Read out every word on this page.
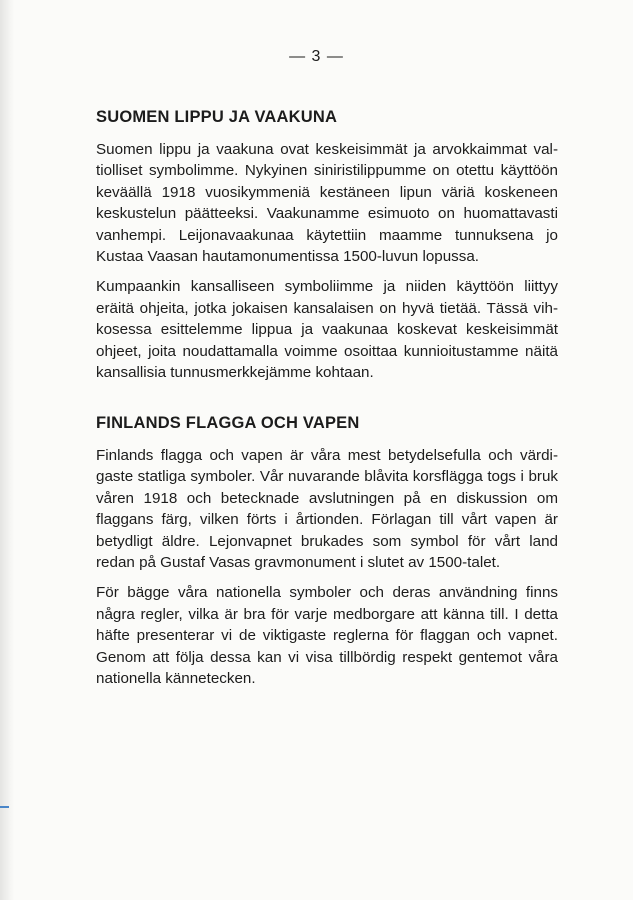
— 3 —
SUOMEN LIPPU JA VAAKUNA

Suomen lippu ja vaakuna ovat keskeisimmät ja arvokkaimmat valtiolliset symbolimme. Nykyinen siniristilippumme on otettu käyttöön keväällä 1918 vuosikymmeniä kestäneen lipun väriä koskeneen keskustelun päätteeksi. Vaakunamme esimuoto on huomattavasti vanhempi. Leijonavaakunaa käytettiin maamme tunnuksena jo Kustaa Vaasan hautamonumentissa 1500-luvun lopussa.

Kumpaankin kansalliseen symboliimme ja niiden käyttöön liittyy eräitä ohjeita, jotka jokaisen kansalaisen on hyvä tietää. Tässä vihkosessa esittelemme lippua ja vaakunaa koskevat keskeisimmät ohjeet, joita noudattamalla voimme osoittaa kunnioitustamme näitä kansallisia tunnusmerkkejämme kohtaan.

FINLANDS FLAGGA OCH VAPEN

Finlands flagga och vapen är våra mest betydelsefulla och värdigaste statliga symboler. Vår nuvarande blåvita korsflägga togs i bruk våren 1918 och betecknade avslutningen på en diskussion om flaggans färg, vilken förts i årtionden. Förlagan till vårt vapen är betydligt äldre. Lejonvapnet brukades som symbol för vårt land redan på Gustaf Vasas gravmonument i slutet av 1500-talet.

För bägge våra nationella symboler och deras användning finns några regler, vilka är bra för varje medborgare att känna till. I detta häfte presenterar vi de viktigaste reglerna för flaggan och vapnet. Genom att följa dessa kan vi visa tillbördig respekt gentemot våra nationella kännetecken.
